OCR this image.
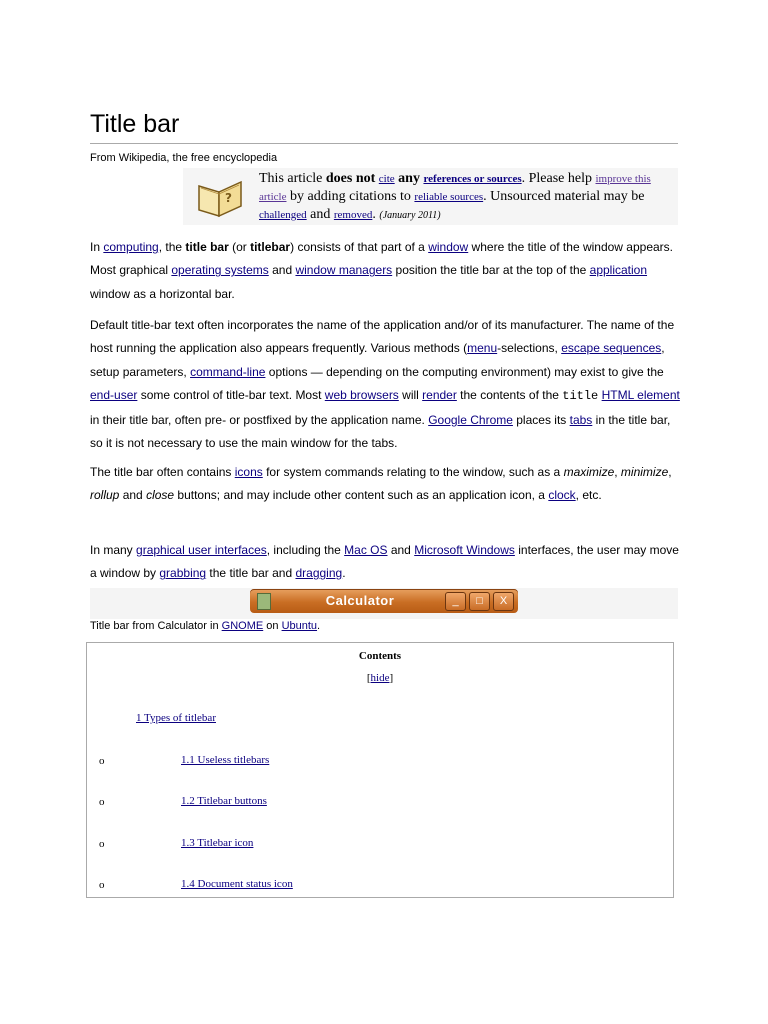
Title bar
From Wikipedia, the free encyclopedia
?
This article does not cite any references or sources. Please help improve this article by adding citations to reliable sources. Unsourced material may be challenged and removed. (January 2011)

In computing, the title bar (or titlebar) consists of that part of a window where the title of the window appears. Most graphical operating systems and window managers position the title bar at the top of the application window as a horizontal bar.

Default title-bar text often incorporates the name of the application and/or of its manufacturer. The name of the host running the application also appears frequently. Various methods (menu-selections, escape sequences, setup parameters, command-line options — depending on the computing environment) may exist to give the end-user some control of title-bar text. Most web browsers will render the contents of the title HTML element in their title bar, often pre- or postfixed by the application name. Google Chrome places its tabs in the title bar, so it is not necessary to use the main window for the tabs.

The title bar often contains icons for system commands relating to the window, such as a maximize, minimize, rollup and close buttons; and may include other content such as an application icon, a clock, etc.

In many graphical user interfaces, including the Mac OS and Microsoft Windows interfaces, the user may move a window by grabbing the title bar and dragging.

Calculator	_	□	X
Title bar from Calculator in GNOME on Ubuntu.
Contents
[hide]
1 Types of titlebar
o	1.1 Useless titlebars
o	1.2 Titlebar buttons
o	1.3 Titlebar icon
o	1.4 Document status icon
